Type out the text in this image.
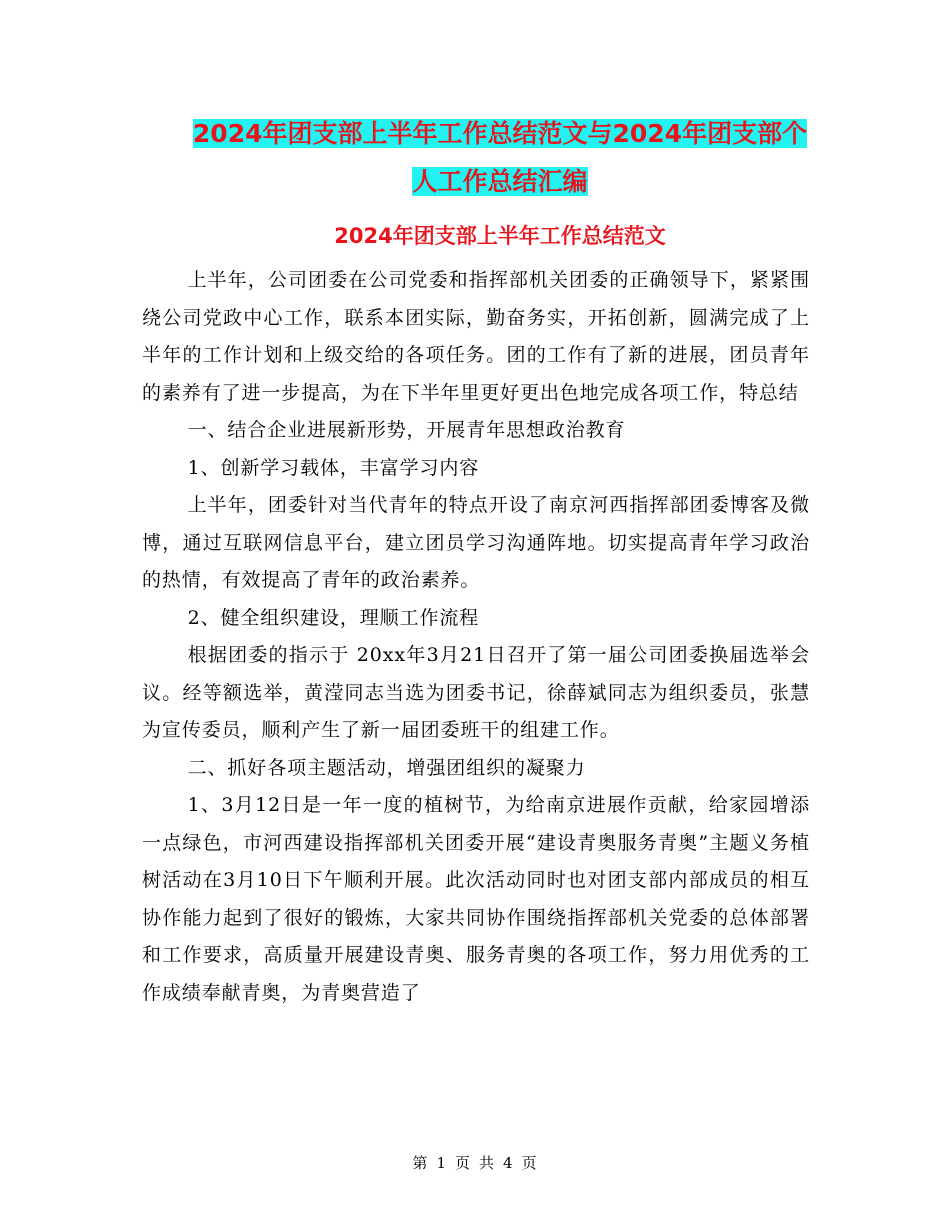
2024年团支部上半年工作总结范文与2024年团支部个
人工作总结汇编
2024年团支部上半年工作总结范文

上半年，公司团委在公司党委和指挥部机关团委的正确领导下，紧紧围绕公司党政中心工作，联系本团实际，勤奋务实，开拓创新，圆满完成了上半年的工作计划和上级交给的各项任务。团的工作有了新的进展，团员青年的素养有了进一步提高，为在下半年里更好更出色地完成各项工作，特总结

一、结合企业进展新形势，开展青年思想政治教育

1、创新学习载体，丰富学习内容

上半年，团委针对当代青年的特点开设了南京河西指挥部团委博客及微博，通过互联网信息平台，建立团员学习沟通阵地。切实提高青年学习政治的热情，有效提高了青年的政治素养。

2、健全组织建设，理顺工作流程

根据团委的指示于 20xx年3月21日召开了第一届公司团委换届选举会议。经等额选举，黄滢同志当选为团委书记，徐薛斌同志为组织委员，张慧为宣传委员，顺利产生了新一届团委班干的组建工作。

二、抓好各项主题活动，增强团组织的凝聚力

1、3月12日是一年一度的植树节，为给南京进展作贡献，给家园增添一点绿色，市河西建设指挥部机关团委开展“建设青奥服务青奥”主题义务植树活动在3月10日下午顺利开展。此次活动同时也对团支部内部成员的相互协作能力起到了很好的锻炼，大家共同协作围绕指挥部机关党委的总体部署和工作要求，高质量开展建设青奥、服务青奥的各项工作，努力用优秀的工作成绩奉献青奥，为青奥营造了

第 1 页 共 4 页
